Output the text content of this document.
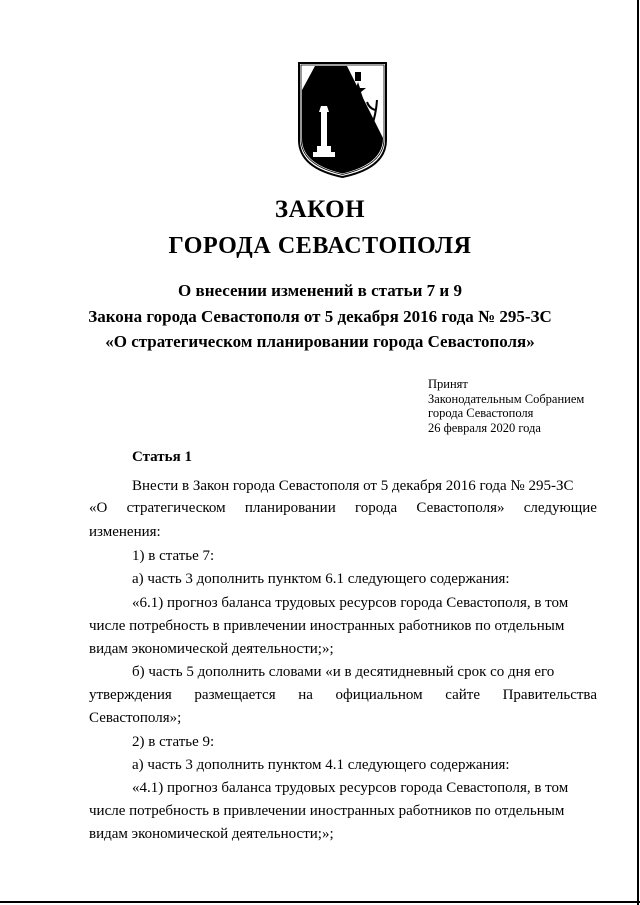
ЗАКОН
ГОРОДА СЕВАСТОПОЛЯ
О внесении изменений в статьи 7 и 9
Закона города Севастополя от 5 декабря 2016 года № 295-ЗС
«О стратегическом планировании города Севастополя»
Принят
Законодательным Собранием
города Севастополя
26 февраля 2020 года
Статья 1
Внести в Закон города Севастополя от 5 декабря 2016 года № 295-ЗС
«О стратегическом планировании города Севастополя» следующие
изменения:
1) в статье 7:
а) часть 3 дополнить пунктом 6.1 следующего содержания:
«6.1) прогноз баланса трудовых ресурсов города Севастополя, в том
числе потребность в привлечении иностранных работников по отдельным
видам экономической деятельности;»;
б) часть 5 дополнить словами «и в десятидневный срок со дня его
утверждения размещается на официальном сайте Правительства
Севастополя»;
2) в статье 9:
а) часть 3 дополнить пунктом 4.1 следующего содержания:
«4.1) прогноз баланса трудовых ресурсов города Севастополя, в том
числе потребность в привлечении иностранных работников по отдельным
видам экономической деятельности;»;
